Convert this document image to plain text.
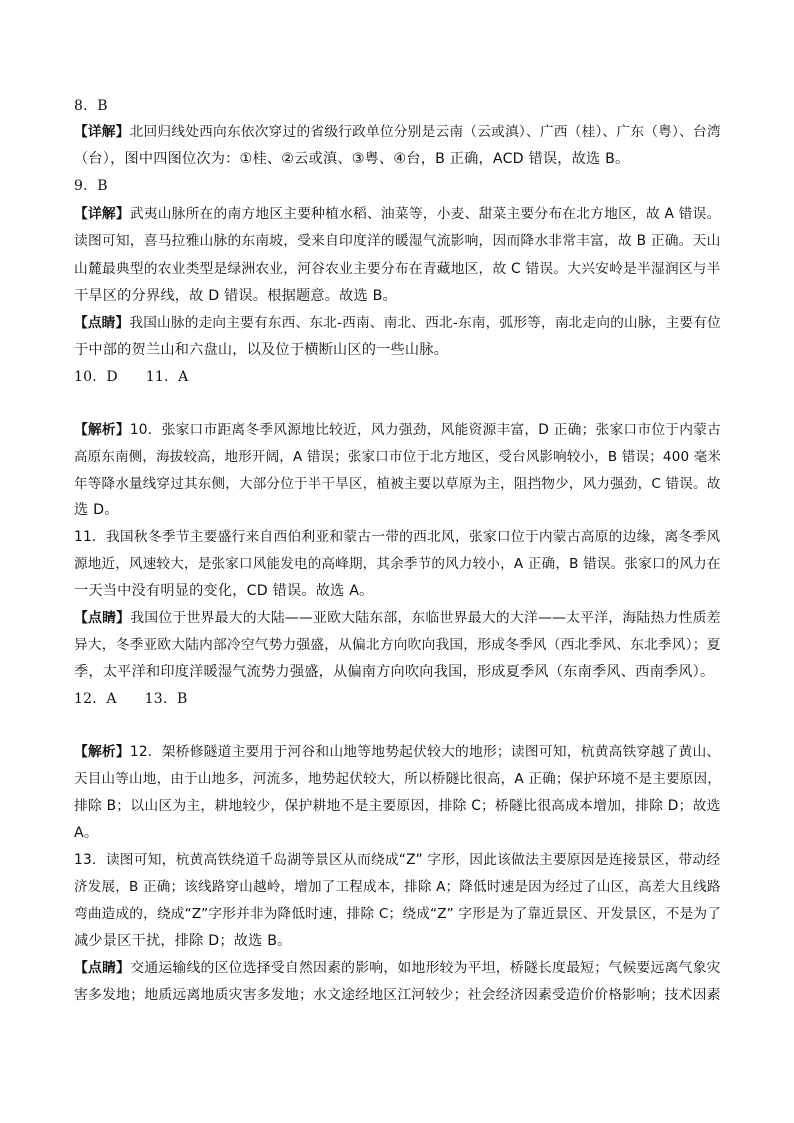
8．B
【详解】北回归线处西向东依次穿过的省级行政单位分别是云南（云或滇）、广西（桂）、广东（粤）、台湾
（台），图中四图位次为：①桂、②云或滇、③粤、④台，B 正确，ACD 错误，故选 B。
9．B
【详解】武夷山脉所在的南方地区主要种植水稻、油菜等，小麦、甜菜主要分布在北方地区，故 A 错误。
读图可知，喜马拉雅山脉的东南坡，受来自印度洋的暖湿气流影响，因而降水非常丰富，故 B 正确。天山
山麓最典型的农业类型是绿洲农业，河谷农业主要分布在青藏地区，故 C 错误。大兴安岭是半湿润区与半
干旱区的分界线，故 D 错误。根据题意。故选 B。
【点睛】我国山脉的走向主要有东西、东北-西南、南北、西北-东南，弧形等，南北走向的山脉，主要有位
于中部的贺兰山和六盘山，以及位于横断山区的一些山脉。
10．D      11．A
【解析】10．张家口市距离冬季风源地比较近，风力强劲，风能资源丰富，D 正确；张家口市位于内蒙古
高原东南侧，海拔较高，地形开阔，A 错误；张家口市位于北方地区，受台风影响较小，B 错误；400 毫米
年等降水量线穿过其东侧，大部分位于半干旱区，植被主要以草原为主，阻挡物少，风力强劲，C 错误。故
选 D。
11．我国秋冬季节主要盛行来自西伯利亚和蒙古一带的西北风，张家口位于内蒙古高原的边缘，离冬季风
源地近，风速较大，是张家口风能发电的高峰期，其余季节的风力较小，A 正确，B 错误。张家口的风力在
一天当中没有明显的变化，CD 错误。故选 A。
【点睛】我国位于世界最大的大陆——亚欧大陆东部，东临世界最大的大洋——太平洋，海陆热力性质差
异大，冬季亚欧大陆内部冷空气势力强盛，从偏北方向吹向我国，形成冬季风（西北季风、东北季风）；夏
季，太平洋和印度洋暖湿气流势力强盛，从偏南方向吹向我国，形成夏季风（东南季风、西南季风）。
12．A      13．B
【解析】12．架桥修隧道主要用于河谷和山地等地势起伏较大的地形；读图可知，杭黄高铁穿越了黄山、
天目山等山地，由于山地多，河流多，地势起伏较大，所以桥隧比很高，A 正确；保护环境不是主要原因，
排除 B；以山区为主，耕地较少，保护耕地不是主要原因，排除 C；桥隧比很高成本增加，排除 D；故选
A。
13．读图可知，杭黄高铁绕道千岛湖等景区从而绕成“Z” 字形，因此该做法主要原因是连接景区，带动经
济发展，B 正确；该线路穿山越岭，增加了工程成本，排除 A；降低时速是因为经过了山区，高差大且线路
弯曲造成的，绕成“Z”字形并非为降低时速，排除 C；绕成“Z” 字形是为了靠近景区、开发景区，不是为了
减少景区干扰，排除 D；故选 B。
【点睛】交通运输线的区位选择受自然因素的影响，如地形较为平坦，桥隧长度最短；气候要远离气象灾
害多发地；地质远离地质灾害多发地；水文途经地区江河较少；社会经济因素受造价价格影响；技术因素
